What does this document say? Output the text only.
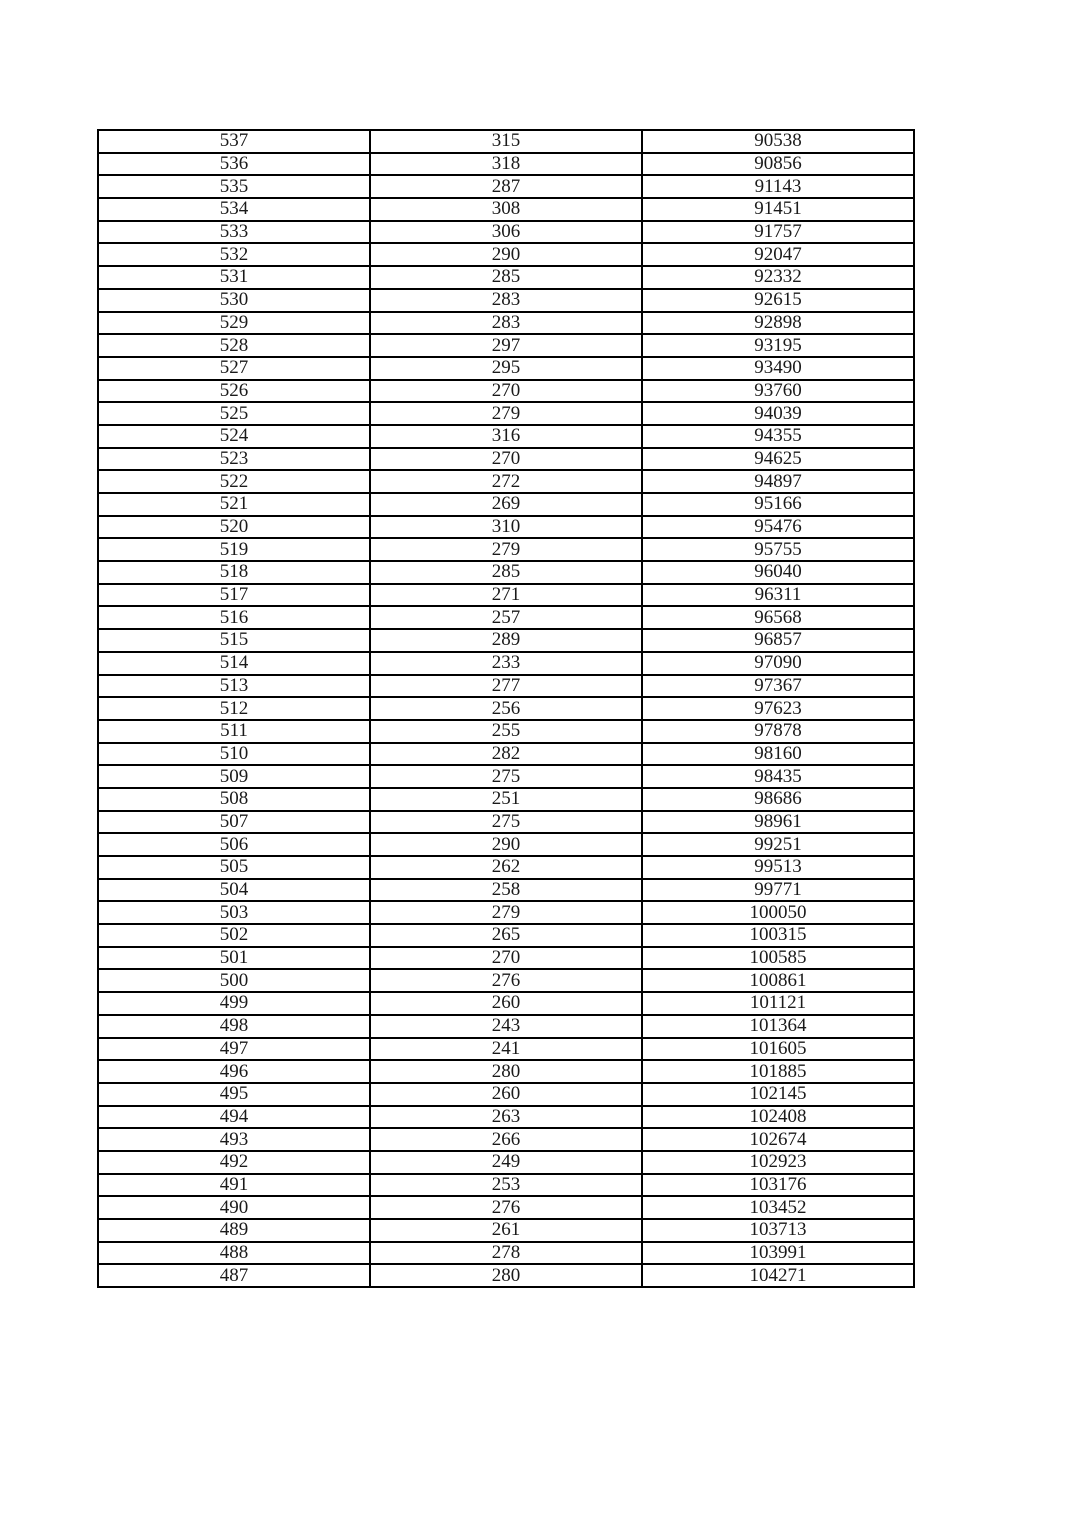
537	315	90538
536	318	90856
535	287	91143
534	308	91451
533	306	91757
532	290	92047
531	285	92332
530	283	92615
529	283	92898
528	297	93195
527	295	93490
526	270	93760
525	279	94039
524	316	94355
523	270	94625
522	272	94897
521	269	95166
520	310	95476
519	279	95755
518	285	96040
517	271	96311
516	257	96568
515	289	96857
514	233	97090
513	277	97367
512	256	97623
511	255	97878
510	282	98160
509	275	98435
508	251	98686
507	275	98961
506	290	99251
505	262	99513
504	258	99771
503	279	100050
502	265	100315
501	270	100585
500	276	100861
499	260	101121
498	243	101364
497	241	101605
496	280	101885
495	260	102145
494	263	102408
493	266	102674
492	249	102923
491	253	103176
490	276	103452
489	261	103713
488	278	103991
487	280	104271
